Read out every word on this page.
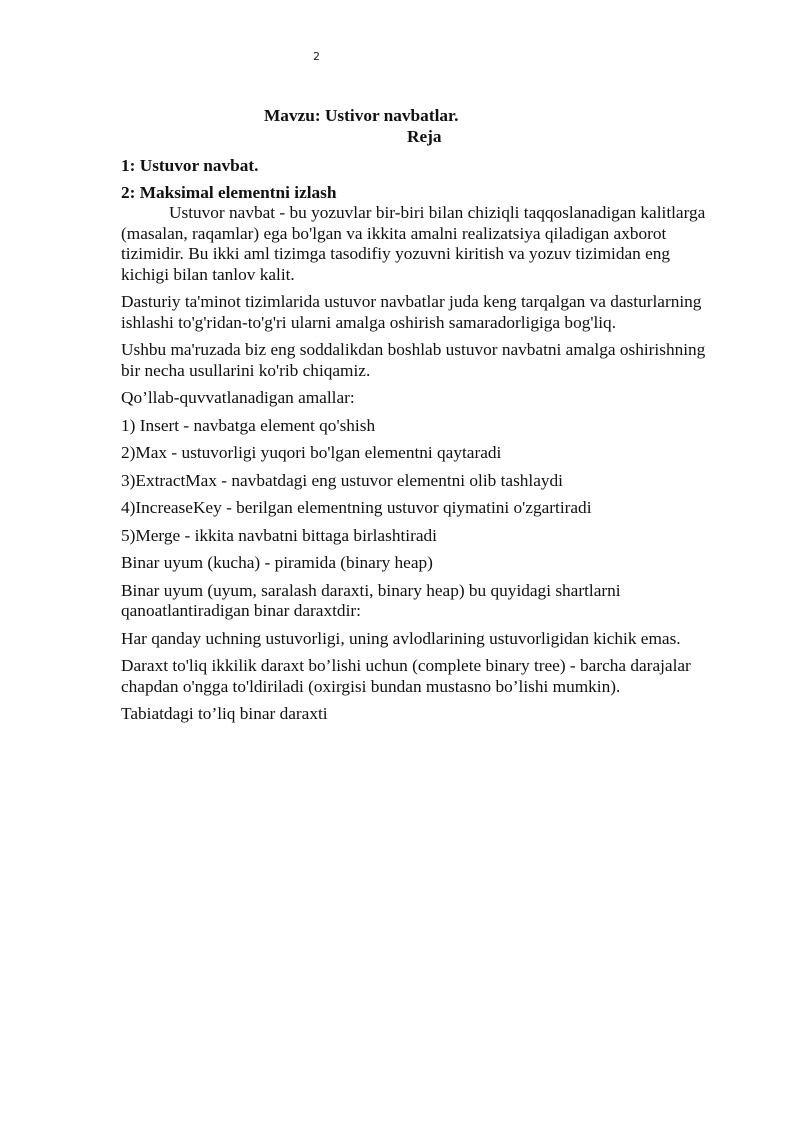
2
Mavzu: Ustivor navbatlar.
Reja
1: Ustuvor navbat.
2: Maksimal elementni izlash

Ustuvor navbat - bu yozuvlar bir-biri bilan chiziqli taqqoslanadigan kalitlarga (masalan, raqamlar) ega bo'lgan va ikkita amalni realizatsiya qiladigan axborot tizimidir. Bu ikki aml tizimga tasodifiy yozuvni kiritish va yozuv tizimidan eng kichigi bilan tanlov kalit.

Dasturiy ta'minot tizimlarida ustuvor navbatlar juda keng tarqalgan va dasturlarning ishlashi to'g'ridan-to'g'ri ularni amalga oshirish samaradorligiga bog'liq.

Ushbu ma'ruzada biz eng soddalikdan boshlab ustuvor navbatni amalga oshirishning bir necha usullarini ko'rib chiqamiz.

Qo’llab-quvvatlanadigan amallar:

1) Insert - navbatga element qo'shish

2)Max - ustuvorligi yuqori bo'lgan elementni qaytaradi

3)ExtractMax - navbatdagi eng ustuvor elementni olib tashlaydi

4)IncreaseKey - berilgan elementning ustuvor qiymatini o'zgartiradi

5)Merge - ikkita navbatni bittaga birlashtiradi

Binar uyum (kucha) - piramida (binary heap)

Binar uyum (uyum, saralash daraxti, binary heap) bu quyidagi shartlarni qanoatlantiradigan binar daraxtdir:

Har qanday uchning ustuvorligi, uning avlodlarining ustuvorligidan kichik emas.

Daraxt to'liq ikkilik daraxt bo’lishi uchun (complete binary tree) - barcha darajalar chapdan o'ngga to'ldiriladi (oxirgisi bundan mustasno bo’lishi mumkin).

Tabiatdagi to’liq binar daraxti
